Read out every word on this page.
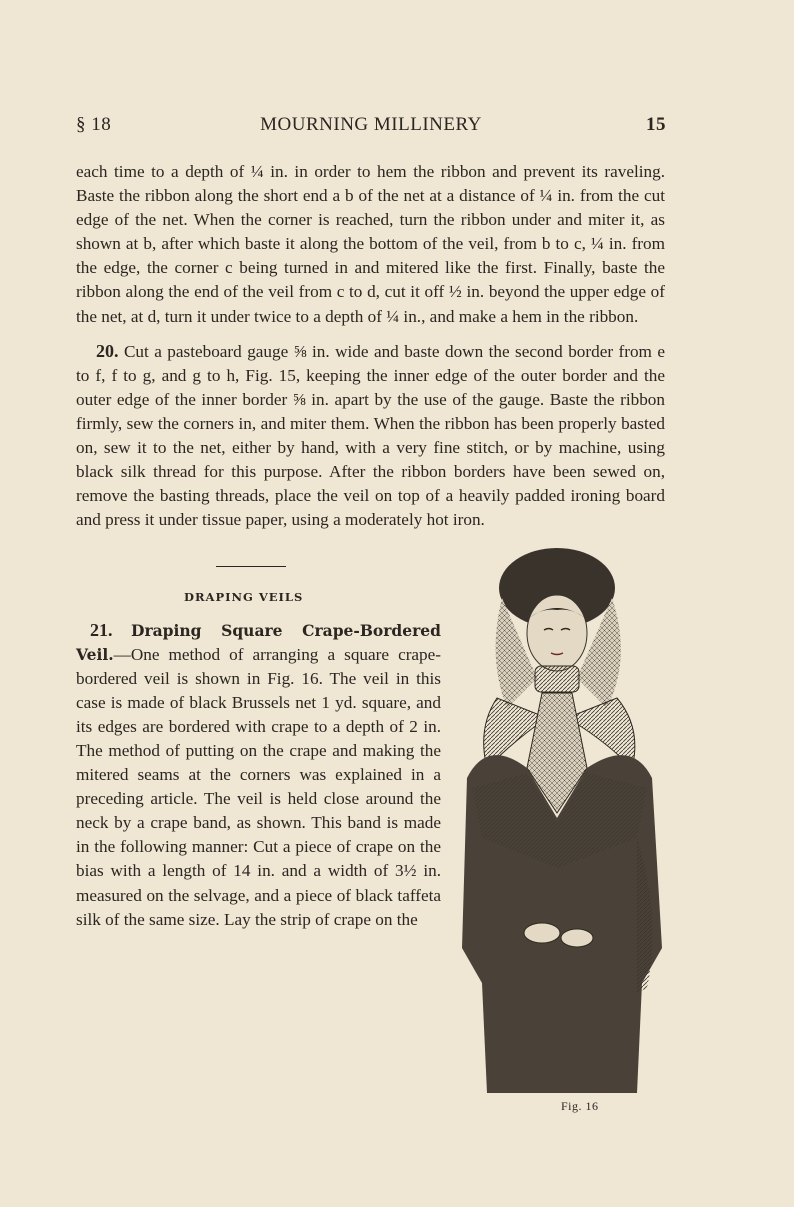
§ 18	MOURNING MILLINERY	15

each time to a depth of ¼ in. in order to hem the ribbon and prevent its raveling. Baste the ribbon along the short end a b of the net at a distance of ¼ in. from the cut edge of the net. When the corner is reached, turn the ribbon under and miter it, as shown at b, after which baste it along the bottom of the veil, from b to c, ¼ in. from the edge, the corner c being turned in and mitered like the first. Finally, baste the ribbon along the end of the veil from c to d, cut it off ½ in. beyond the upper edge of the net, at d, turn it under twice to a depth of ¼ in., and make a hem in the ribbon.

20. Cut a pasteboard gauge ⅝ in. wide and baste down the second border from e to f, f to g, and g to h, Fig. 15, keeping the inner edge of the outer border and the outer edge of the inner border ⅝ in. apart by the use of the gauge. Baste the ribbon firmly, sew the corners in, and miter them. When the ribbon has been properly basted on, sew it to the net, either by hand, with a very fine stitch, or by machine, using black silk thread for this purpose. After the ribbon borders have been sewed on, remove the basting threads, place the veil on top of a heavily padded ironing board and press it under tissue paper, using a moderately hot iron.

Fig. 16
DRAPING VEILS

21. Draping Square Crape-Bordered Veil.—One method of arranging a square crape-bordered veil is shown in Fig. 16. The veil in this case is made of black Brussels net 1 yd. square, and its edges are bordered with crape to a depth of 2 in. The method of putting on the crape and making the mitered seams at the corners was explained in a preceding article. The veil is held close around the neck by a crape band, as shown. This band is made in the following manner: Cut a piece of crape on the bias with a length of 14 in. and a width of 3½ in. measured on the selvage, and a piece of black taffeta silk of the same size. Lay the strip of crape on the
